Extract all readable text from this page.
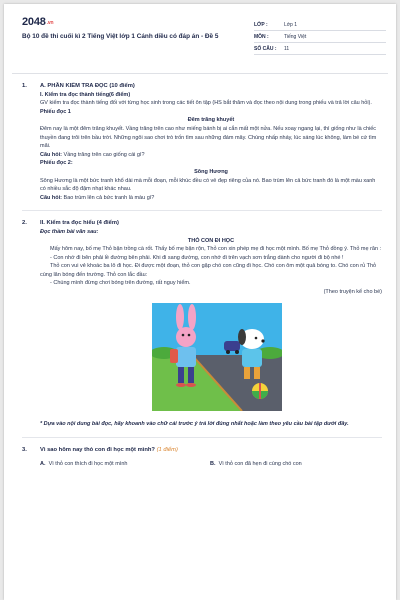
2048.vn
Bộ 10 đề thi cuối kì 2 Tiếng Việt lớp 1 Cánh diều có đáp án - Đề 5
LỚP :	Lớp 1
MÔN :	Tiếng Việt
SỐ CÂU :	11
1.	A. PHẦN KIỂM TRA ĐỌC (10 điểm)

I. Kiểm tra đọc thành tiếng(6 điểm)

GV kiểm tra đọc thành tiếng đối với từng học sinh trong các tiết ôn tập (HS bắt thăm và đọc theo nội dung trong phiếu và trả lời câu hỏi).

Phiếu đọc 1

Đêm trăng khuyết

Đêm nay là một đêm trăng khuyết. Vầng trăng trên cao như miếng bánh bị ai cắn mất một nửa. Nếu xoay ngang lại, thì giống như là chiếc thuyền đang trôi trên bầu trời. Những ngôi sao chơi trò trốn tìm sau những đám mây. Chúng nhấp nháy, lúc sáng lúc không, làm bé cứ tìm mãi.

Câu hỏi: Vầng trăng trên cao giống cái gì?

Phiếu đọc 2:

Sông Hương

Sông Hương là một bức tranh khổ dài mà mỗi đoạn, mỗi khúc đều có vẻ đẹp riêng của nó. Bao trùm lên cả bức tranh đó là một màu xanh có nhiều sắc độ đậm nhạt khác nhau.

Câu hỏi: Bao trùm lên cả bức tranh là màu gì?

2.	II. Kiểm tra đọc hiểu (4 điểm)

Đọc thầm bài văn sau:

THỎ CON ĐI HỌC

Mấy hôm nay, bố mẹ Thỏ bận trồng cà rốt. Thấy bố mẹ bận rộn, Thỏ con xin phép mẹ đi học một mình. Bố mẹ Thỏ đồng ý. Thỏ mẹ răn :

- Con nhớ đi bên phải lề đường bên phải. Khi đi sang đường, con nhớ đi trên vạch sơn trắng dành cho người đi bộ nhé !

Thỏ con vui vẻ khoác ba lô đi học. Đi được một đoạn, thỏ con gặp chó con cũng đi học. Chó con ôm một quả bóng to. Chó con rủ Thỏ cùng lăn bóng đến trường. Thỏ con lắc đầu:

- Chúng mình đừng chơi bóng trên đường, rất nguy hiểm.

(Theo truyện kể cho bé)

* Dựa vào nội dung bài đọc, hãy khoanh vào chữ cái trước ý trả lời đúng nhất hoặc làm theo yêu cầu bài tập dưới đây.

3.	Vì sao hôm nay thỏ con đi học một mình? (1 điểm)
A. Vì thỏ con thích đi học một mình	B. Vì thỏ con đã hẹn đi cùng chó con
